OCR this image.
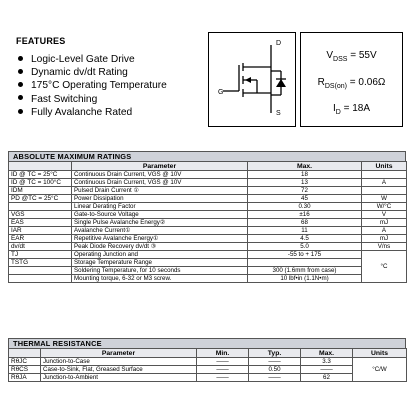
FEATURES
Logic-Level Gate Drive
Dynamic dv/dt Rating
175°C Operating Temperature
Fast Switching
Fully Avalanche Rated
G
D
S
$V_{DSS} = 55V$
$R_{DS(on)} = 0.06\Omega$
$I_D = 18A$
ABSOLUTE MAXIMUM RATINGS
	Parameter	Max.	Units
ID @ TC = 25°C	Continuous Drain Current, VGS @ 10V	18	
ID @ TC = 100°C	Continuous Drain Current, VGS @ 10V	13	A
IDM	Pulsed Drain Current ①	72	
PD @TC = 25°C	Power Dissipation	45	W
	Linear Derating Factor	0.30	W/°C
VGS	Gate-to-Source Voltage	±16	V
EAS	Single Pulse Avalanche Energy②	68	mJ
IAR	Avalanche Current①	11	A
EAR	Repetitive Avalanche Energy①	4.5	mJ
dv/dt	Peak Diode Recovery dv/dt ③	5.0	V/ns
TJ	Operating Junction and	-55 to + 175	°C
TSTG	Storage Temperature Range		
	Soldering Temperature, for 10 seconds	300 (1.6mm from case)	
	Mounting torque, 6-32 or M3 screw.	10 lbf•in (1.1N•m)	
THERMAL RESISTANCE
	Parameter	Min.	Typ.	Max.	Units
RθJC	Junction-to-Case	——	——	3.3	°C/W
RθCS	Case-to-Sink, Flat, Greased Surface	——	0.50	——	
RθJA	Junction-to-Ambient	——	——	62	
